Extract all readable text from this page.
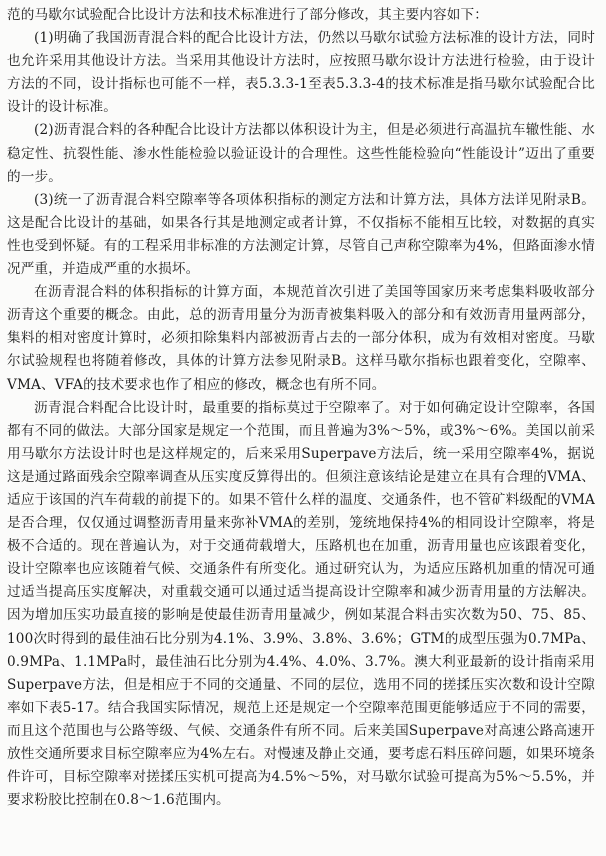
范的马歇尔试验配合比设计方法和技术标准进行了部分修改，其主要内容如下：

(1)明确了我国沥青混合料的配合比设计方法，仍然以马歇尔试验方法标准的设计方法，同时也允许采用其他设计方法。当采用其他设计方法时，应按照马歇尔设计方法进行检验，由于设计方法的不同，设计指标也可能不一样，表5.3.3-1至表5.3.3-4的技术标准是指马歇尔试验配合比设计的设计标准。

(2)沥青混合料的各种配合比设计方法都以体积设计为主，但是必须进行高温抗车辙性能、水稳定性、抗裂性能、渗水性能检验以验证设计的合理性。这些性能检验向“性能设计”迈出了重要的一步。

(3)统一了沥青混合料空隙率等各项体积指标的测定方法和计算方法，具体方法详见附录B。这是配合比设计的基础，如果各行其是地测定或者计算，不仅指标不能相互比较，对数据的真实性也受到怀疑。有的工程采用非标准的方法测定计算，尽管自己声称空隙率为4%，但路面渗水情况严重，并造成严重的水损坏。

在沥青混合料的体积指标的计算方面，本规范首次引进了美国等国家历来考虑集料吸收部分沥青这个重要的概念。由此，总的沥青用量分为沥青被集料吸入的部分和有效沥青用量两部分，集料的相对密度计算时，必须扣除集料内部被沥青占去的一部分体积，成为有效相对密度。马歇尔试验规程也将随着修改，具体的计算方法参见附录B。这样马歇尔指标也跟着变化，空隙率、VMA、VFA的技术要求也作了相应的修改，概念也有所不同。

沥青混合料配合比设计时，最重要的指标莫过于空隙率了。对于如何确定设计空隙率，各国都有不同的做法。大部分国家是规定一个范围，而且普遍为3%～5%，或3%～6%。美国以前采用马歇尔方法设计时也是这样规定的，后来采用Superpave方法后，统一采用空隙率4%，据说这是通过路面残余空隙率调查从压实度反算得出的。但须注意该结论是建立在具有合理的VMA、适应于该国的汽车荷载的前提下的。如果不管什么样的温度、交通条件，也不管矿料级配的VMA是否合理，仅仅通过调整沥青用量来弥补VMA的差别，笼统地保持4%的相同设计空隙率，将是极不合适的。现在普遍认为，对于交通荷载增大，压路机也在加重，沥青用量也应该跟着变化，设计空隙率也应该随着气候、交通条件有所变化。通过研究认为，为适应压路机加重的情况可通过适当提高压实度解决，对重载交通可以通过适当提高设计空隙率和减少沥青用量的方法解决。因为增加压实功最直接的影响是使最佳沥青用量减少，例如某混合料击实次数为50、75、85、100次时得到的最佳油石比分别为4.1%、3.9%、3.8%、3.6%；GTM的成型压强为0.7MPa、0.9MPa、1.1MPa时，最佳油石比分别为4.4%、4.0%、3.7%。澳大利亚最新的设计指南采用Superpave方法，但是相应于不同的交通量、不同的层位，选用不同的搓揉压实次数和设计空隙率如下表5-17。结合我国实际情况，规范上还是规定一个空隙率范围更能够适应于不同的需要，而且这个范围也与公路等级、气候、交通条件有所不同。后来美国Superpave对高速公路高速开放性交通所要求目标空隙率应为4%左右。对慢速及静止交通，要考虑石料压碎问题，如果环境条件许可，目标空隙率对搓揉压实机可提高为4.5%～5%，对马歇尔试验可提高为5%～5.5%，并要求粉胶比控制在0.8～1.6范围内。
